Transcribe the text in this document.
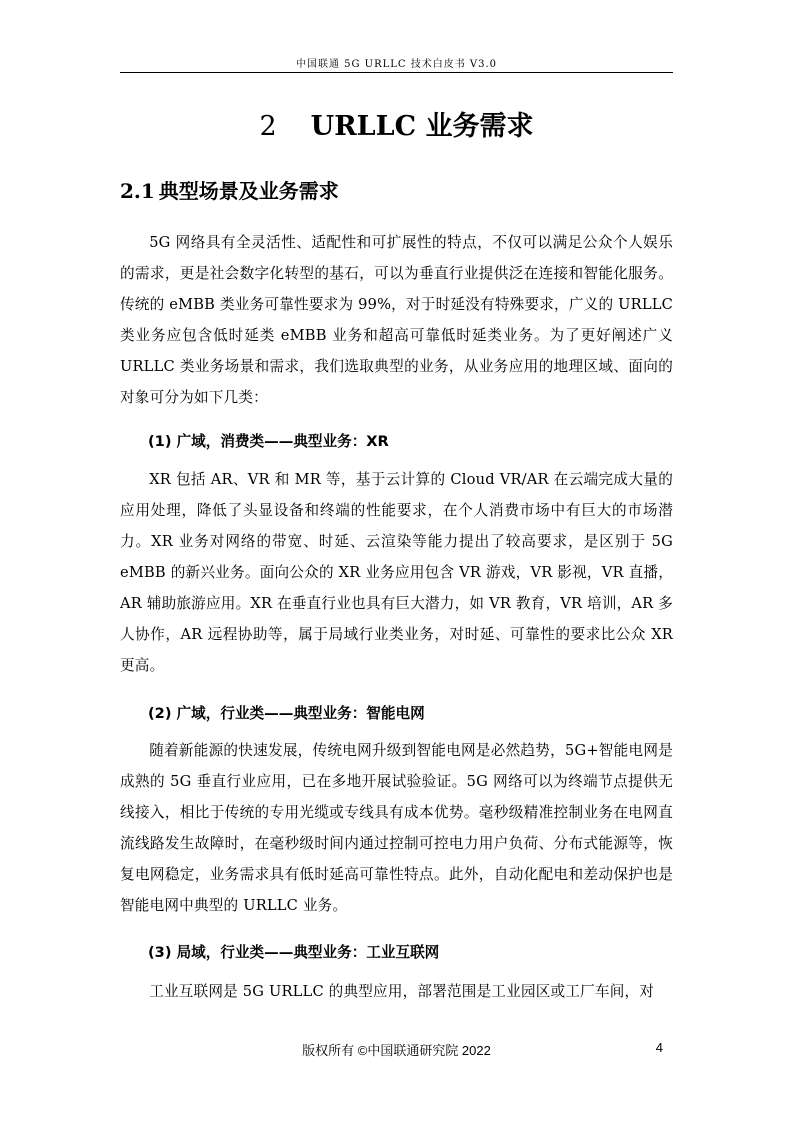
中国联通 5G URLLC 技术白皮书 V3.0
2 URLLC 业务需求
2.1 典型场景及业务需求

5G 网络具有全灵活性、适配性和可扩展性的特点，不仅可以满足公众个人娱乐的需求，更是社会数字化转型的基石，可以为垂直行业提供泛在连接和智能化服务。传统的 eMBB 类业务可靠性要求为 99%，对于时延没有特殊要求，广义的 URLLC 类业务应包含低时延类 eMBB 业务和超高可靠低时延类业务。为了更好阐述广义 URLLC 类业务场景和需求，我们选取典型的业务，从业务应用的地理区域、面向的对象可分为如下几类：

(1) 广域，消费类——典型业务：XR

XR 包括 AR、VR 和 MR 等，基于云计算的 Cloud VR/AR 在云端完成大量的应用处理，降低了头显设备和终端的性能要求，在个人消费市场中有巨大的市场潜力。XR 业务对网络的带宽、时延、云渲染等能力提出了较高要求，是区别于 5G eMBB 的新兴业务。面向公众的 XR 业务应用包含 VR 游戏，VR 影视，VR 直播，AR 辅助旅游应用。XR 在垂直行业也具有巨大潜力，如 VR 教育，VR 培训，AR 多人协作，AR 远程协助等，属于局域行业类业务，对时延、可靠性的要求比公众 XR 更高。

(2) 广域，行业类——典型业务：智能电网

随着新能源的快速发展，传统电网升级到智能电网是必然趋势，5G+智能电网是成熟的 5G 垂直行业应用，已在多地开展试验验证。5G 网络可以为终端节点提供无线接入，相比于传统的专用光缆或专线具有成本优势。毫秒级精准控制业务在电网直流线路发生故障时，在毫秒级时间内通过控制可控电力用户负荷、分布式能源等，恢复电网稳定，业务需求具有低时延高可靠性特点。此外，自动化配电和差动保护也是智能电网中典型的 URLLC 业务。

(3) 局域，行业类——典型业务：工业互联网

工业互联网是 5G URLLC 的典型应用，部署范围是工业园区或工厂车间，对

版权所有 ©中国联通研究院 2022	4
